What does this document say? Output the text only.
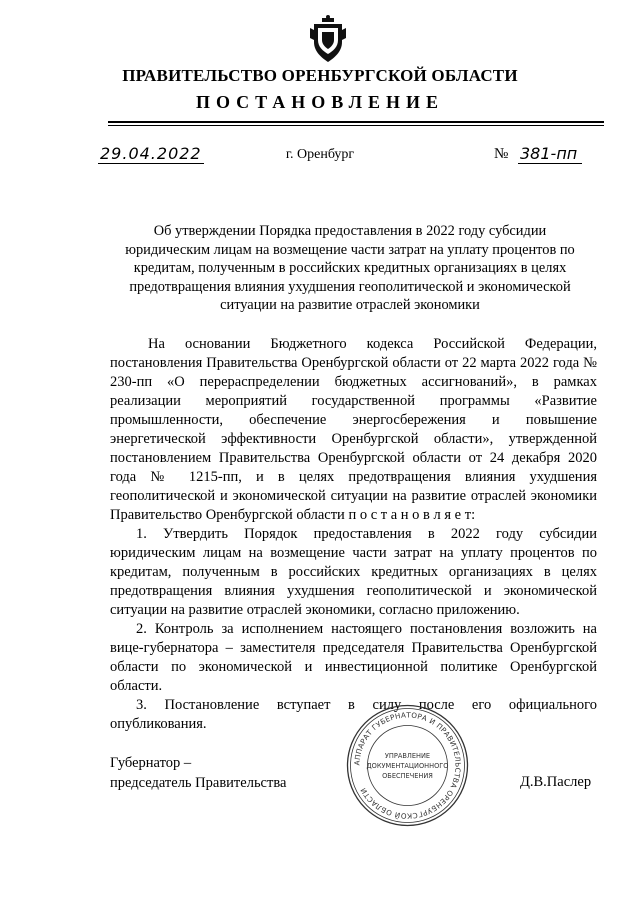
ПРАВИТЕЛЬСТВО ОРЕНБУРГСКОЙ ОБЛАСТИ
ПОСТАНОВЛЕНИЕ
29.04.2022	г. Оренбург	№ 381-пп
Об утверждении Порядка предоставления в 2022 году субсидии юридическим лицам на возмещение части затрат на уплату процентов по кредитам, полученным в российских кредитных организациях в целях предотвращения влияния ухудшения геополитической и экономической ситуации на развитие отраслей экономики

На основании Бюджетного кодекса Российской Федерации, постановления Правительства Оренбургской области от 22 марта 2022 года № 230-пп «О перераспределении бюджетных ассигнований», в рамках реализации мероприятий государственной программы «Развитие промышленности, обеспечение энергосбережения и повышение энергетической эффективности Оренбургской области», утвержденной постановлением Правительства Оренбургской области от 24 декабря 2020 года № 1215-пп, и в целях предотвращения влияния ухудшения геополитической и экономической ситуации на развитие отраслей экономики Правительство Оренбургской области п о с т а н о в л я е т:

1. Утвердить Порядок предоставления в 2022 году субсидии юридическим лицам на возмещение части затрат на уплату процентов по кредитам, полученным в российских кредитных организациях в целях предотвращения влияния ухудшения геополитической и экономической ситуации на развитие отраслей экономики, согласно приложению.

2. Контроль за исполнением настоящего постановления возложить на вице-губернатора – заместителя председателя Правительства Оренбургской области по экономической и инвестиционной политике Оренбургской области.

3. Постановление вступает в силу после его официального опубликования.

Губернатор –
председатель Правительства	Д.В.Паслер
АППАРАТ ГУБЕРНАТОРА И ПРАВИТЕЛЬСТВА ОРЕНБУРГСКОЙ ОБЛАСТИ
УПРАВЛЕНИЕ
ДОКУМЕНТАЦИОННОГО
ОБЕСПЕЧЕНИЯ
